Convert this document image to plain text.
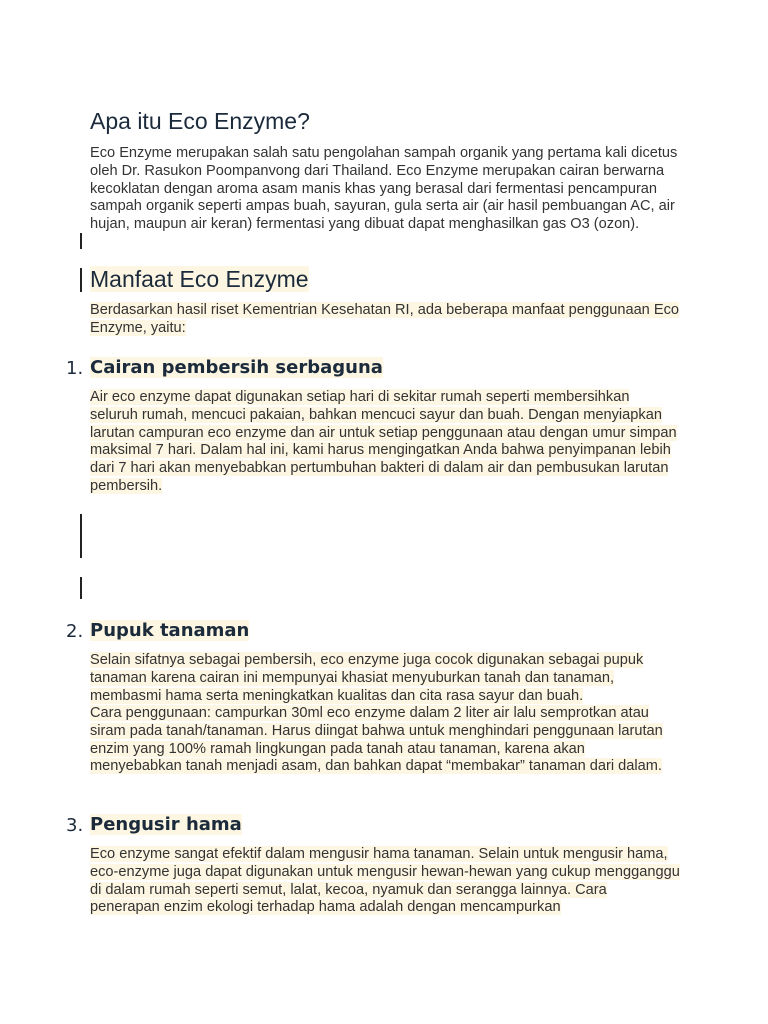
Apa itu Eco Enzyme?

Eco Enzyme merupakan salah satu pengolahan sampah organik yang pertama kali dicetus oleh Dr. Rasukon Poompanvong dari Thailand. Eco Enzyme merupakan cairan berwarna kecoklatan dengan aroma asam manis khas yang berasal dari fermentasi pencampuran sampah organik seperti ampas buah, sayuran, gula serta air (air hasil pembuangan AC, air hujan, maupun air keran) fermentasi yang dibuat dapat menghasilkan gas O3 (ozon).

Manfaat Eco Enzyme

Berdasarkan hasil riset Kementrian Kesehatan RI, ada beberapa manfaat penggunaan Eco Enzyme, yaitu:

1. Cairan pembersih serbaguna

Air eco enzyme dapat digunakan setiap hari di sekitar rumah seperti membersihkan seluruh rumah, mencuci pakaian, bahkan mencuci sayur dan buah. Dengan menyiapkan larutan campuran eco enzyme dan air untuk setiap penggunaan atau dengan umur simpan maksimal 7 hari. Dalam hal ini, kami harus mengingatkan Anda bahwa penyimpanan lebih dari 7 hari akan menyebabkan pertumbuhan bakteri di dalam air dan pembusukan larutan pembersih.

2. Pupuk tanaman

Selain sifatnya sebagai pembersih, eco enzyme juga cocok digunakan sebagai pupuk tanaman karena cairan ini mempunyai khasiat menyuburkan tanah dan tanaman, membasmi hama serta meningkatkan kualitas dan cita rasa sayur dan buah.

Cara penggunaan: campurkan 30ml eco enzyme dalam 2 liter air lalu semprotkan atau siram pada tanah/tanaman. Harus diingat bahwa untuk menghindari penggunaan larutan enzim yang 100% ramah lingkungan pada tanah atau tanaman, karena akan menyebabkan tanah menjadi asam, dan bahkan dapat “membakar” tanaman dari dalam.

3. Pengusir hama

Eco enzyme sangat efektif dalam mengusir hama tanaman. Selain untuk mengusir hama, eco-enzyme juga dapat digunakan untuk mengusir hewan-hewan yang cukup mengganggu di dalam rumah seperti semut, lalat, kecoa, nyamuk dan serangga lainnya. Cara penerapan enzim ekologi terhadap hama adalah dengan mencampurkan
